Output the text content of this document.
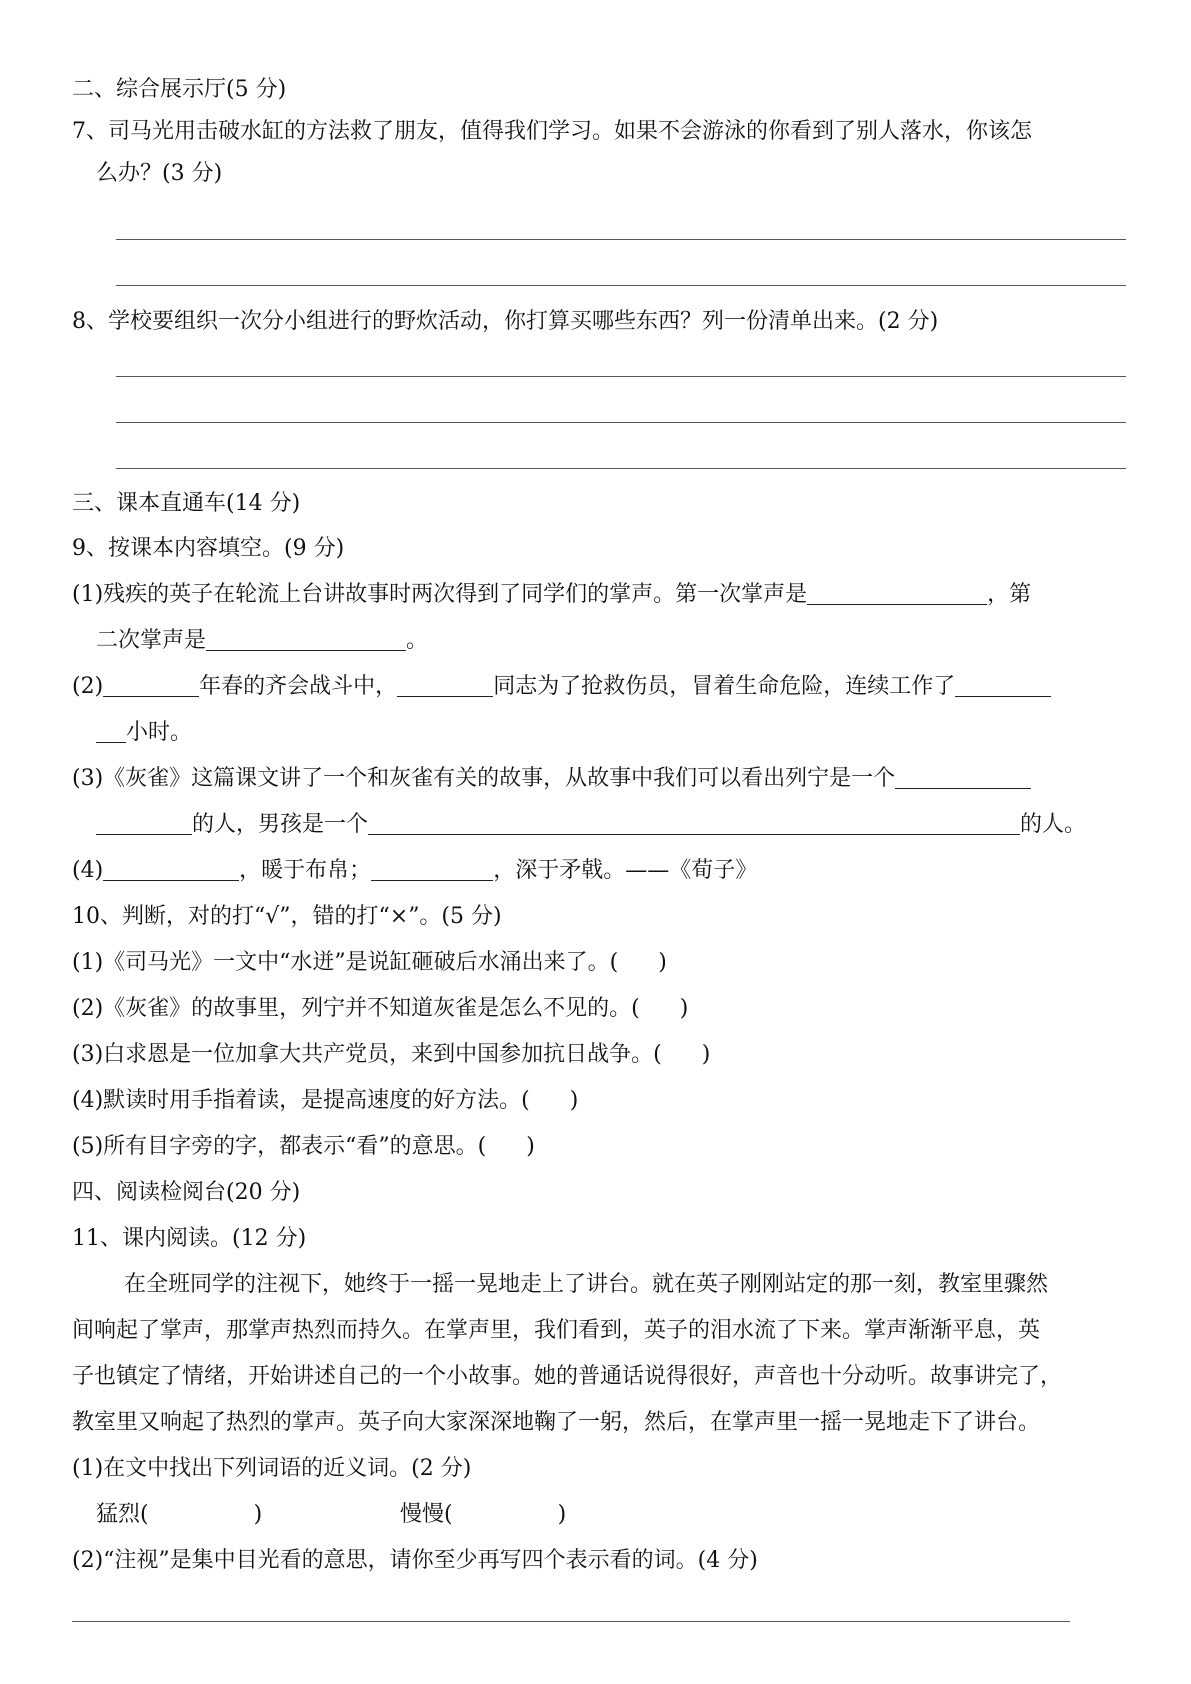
二、综合展示厅(5 分)
7、司马光用击破水缸的方法救了朋友，值得我们学习。如果不会游泳的你看到了别人落水，你该怎
么办？(3 分)
8、学校要组织一次分小组进行的野炊活动，你打算买哪些东西？列一份清单出来。(2 分)
三、课本直通车(14 分)
9、按课本内容填空。(9 分)
(1)残疾的英子在轮流上台讲故事时两次得到了同学们的掌声。第一次掌声是	，第
二次掌声是	。
(2)	年春的齐会战斗中，	同志为了抢救伤员，冒着生命危险，连续工作了
小时。
(3)《灰雀》这篇课文讲了一个和灰雀有关的故事，从故事中我们可以看出列宁是一个
的人，男孩是一个	的人。
(4)	，暖于布帛；	，深于矛戟。——《荀子》
10、判断，对的打“√”，错的打“×”。(5 分)
(1)《司马光》一文中“水迸”是说缸砸破后水涌出来了。( )
(2)《灰雀》的故事里，列宁并不知道灰雀是怎么不见的。( )
(3)白求恩是一位加拿大共产党员，来到中国参加抗日战争。( )
(4)默读时用手指着读，是提高速度的好方法。( )
(5)所有目字旁的字，都表示“看”的意思。( )
四、阅读检阅台(20 分)
11、课内阅读。(12 分)
在全班同学的注视下，她终于一摇一晃地走上了讲台。就在英子刚刚站定的那一刻，教室里骤然
间响起了掌声，那掌声热烈而持久。在掌声里，我们看到，英子的泪水流了下来。掌声渐渐平息，英
子也镇定了情绪，开始讲述自己的一个小故事。她的普通话说得很好，声音也十分动听。故事讲完了，
教室里又响起了热烈的掌声。英子向大家深深地鞠了一躬，然后，在掌声里一摇一晃地走下了讲台。
(1)在文中找出下列词语的近义词。(2 分)
猛烈(	)	慢慢(	)
(2)“注视”是集中目光看的意思，请你至少再写四个表示看的词。(4 分)
